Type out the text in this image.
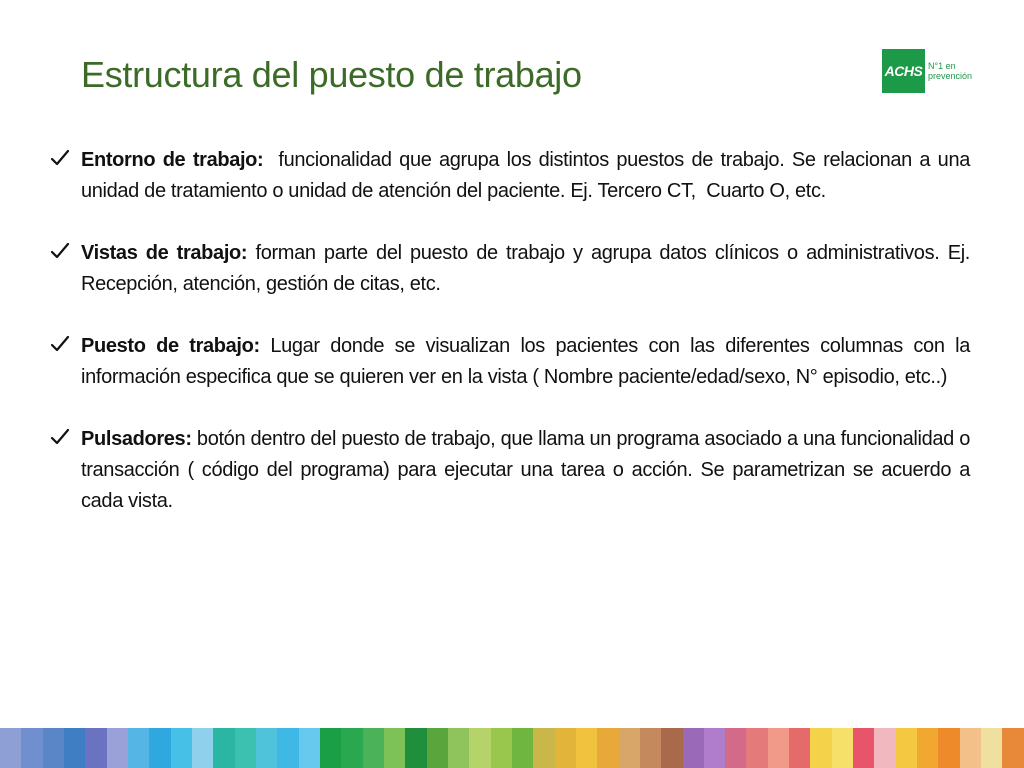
Estructura del puesto de trabajo	ACHS N°1 en
prevención
Entorno de trabajo:  funcionalidad que agrupa los distintos puestos de trabajo. Se relacionan a una unidad de tratamiento o unidad de atención del paciente. Ej. Tercero CT,  Cuarto O, etc.
Vistas de trabajo: forman parte del puesto de trabajo y agrupa datos clínicos o administrativos. Ej. Recepción, atención, gestión de citas, etc.
Puesto de trabajo: Lugar donde se visualizan los pacientes con las diferentes columnas con la información especifica que se quieren ver en la vista ( Nombre paciente/edad/sexo, N° episodio, etc..)
Pulsadores: botón dentro del puesto de trabajo, que llama un programa asociado a una funcionalidad o transacción ( código del programa) para ejecutar una tarea o acción. Se parametrizan se acuerdo a cada vista.
